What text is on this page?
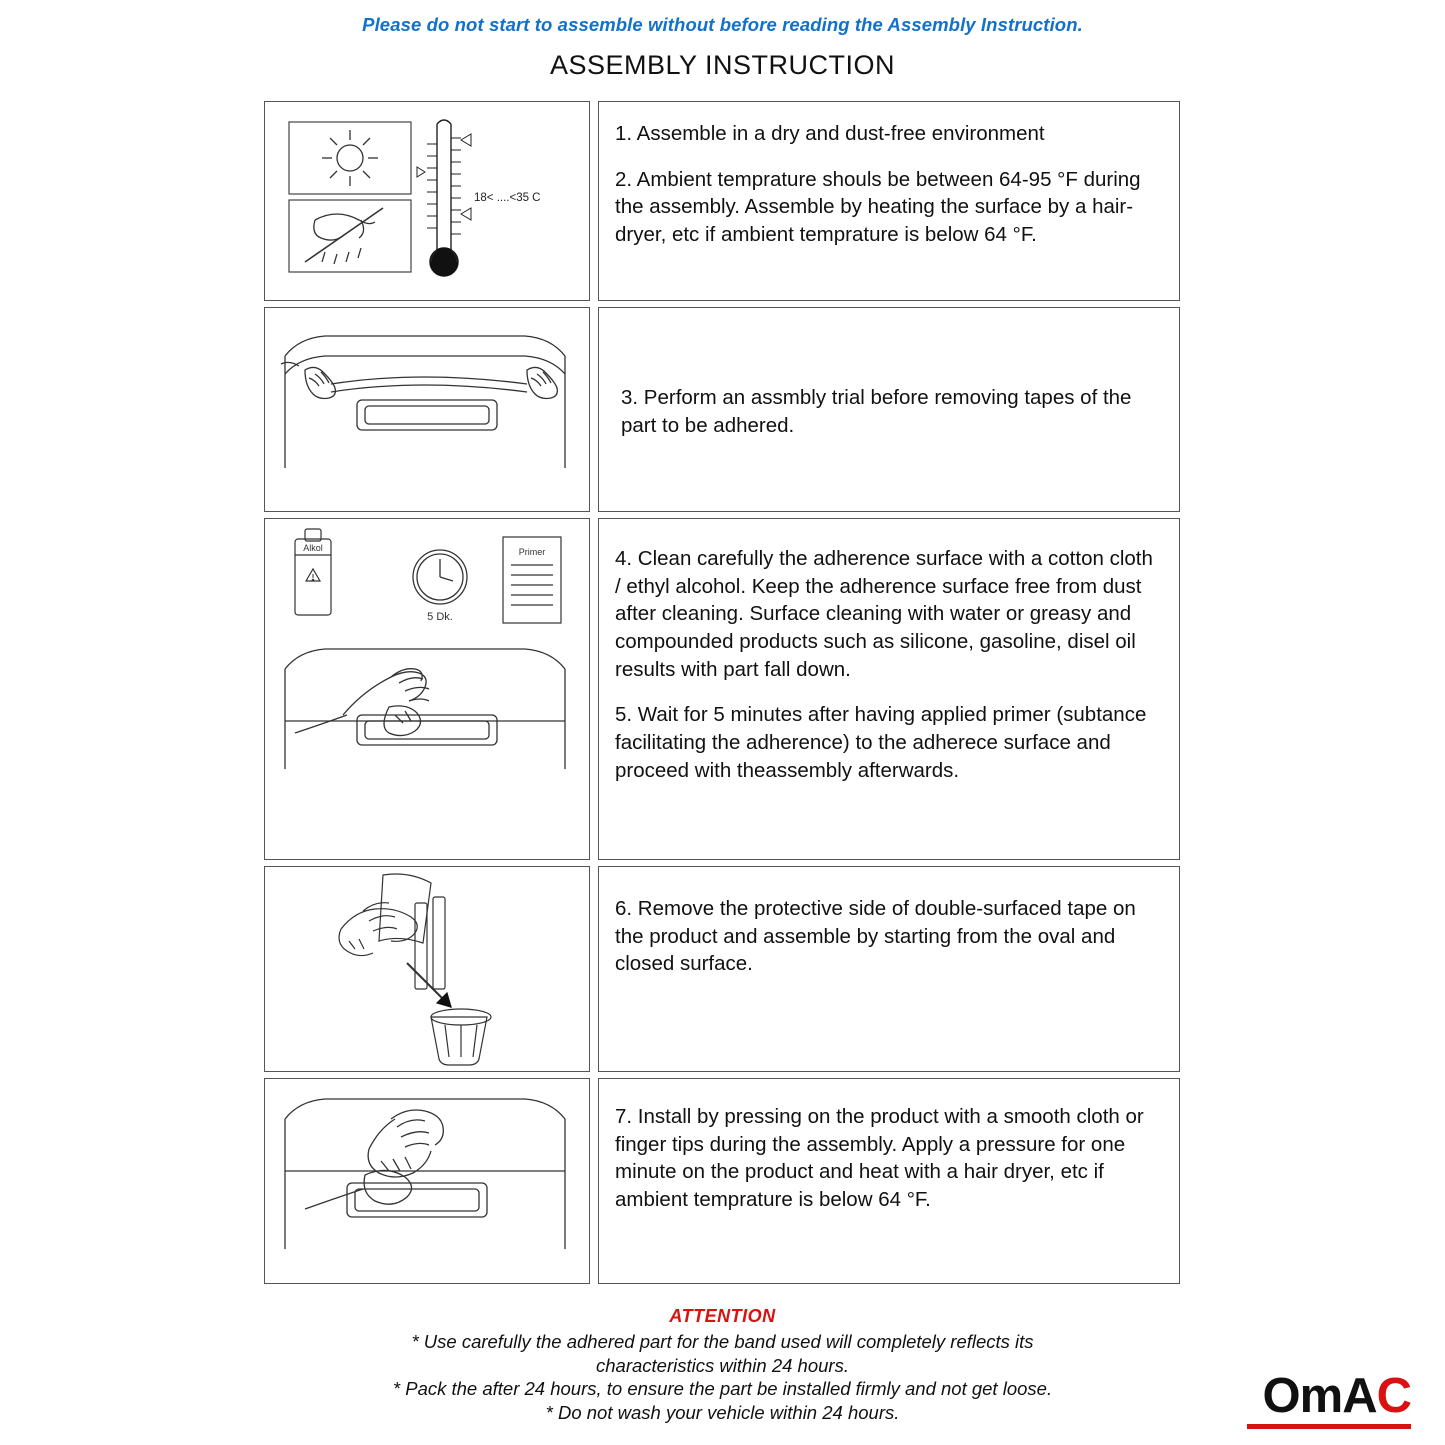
Please do not start to assemble without before reading the Assembly Instruction.
ASSEMBLY INSTRUCTION
18< ....<35 C

1. Assemble in a dry and dust-free environment

2. Ambient temprature shouls be between 64-95 °F during the assembly. Assemble by heating the surface by a hair-dryer, etc if ambient temprature is below 64 °F.

3. Perform an assmbly trial before removing tapes of the part to be adhered.

Alkol
5 Dk.
Primer	4. Clean carefully the adherence surface with a cotton cloth / ethyl alcohol. Keep the adherence surface free from dust after cleaning. Surface cleaning with water or greasy and compounded products such as silicone, gasoline, disel oil results with part fall down.

5. Wait for 5 minutes after having applied primer (subtance facilitating the adherence) to the adherece surface and proceed with theassembly afterwards.

6. Remove the protective side of double-surfaced tape on the product and assemble by starting from the oval and closed surface.

7. Install by pressing on the product with a smooth cloth or finger tips during the assembly. Apply a pressure for one minute on the product and heat with a hair dryer, etc if ambient temprature is below 64 °F.

ATTENTION
* Use carefully the adhered part for the band used will completely reflects its
characteristics within 24 hours.
* Pack the after 24 hours, to ensure the part be installed firmly and not get loose.
* Do not wash your vehicle within 24 hours.	OmAC
